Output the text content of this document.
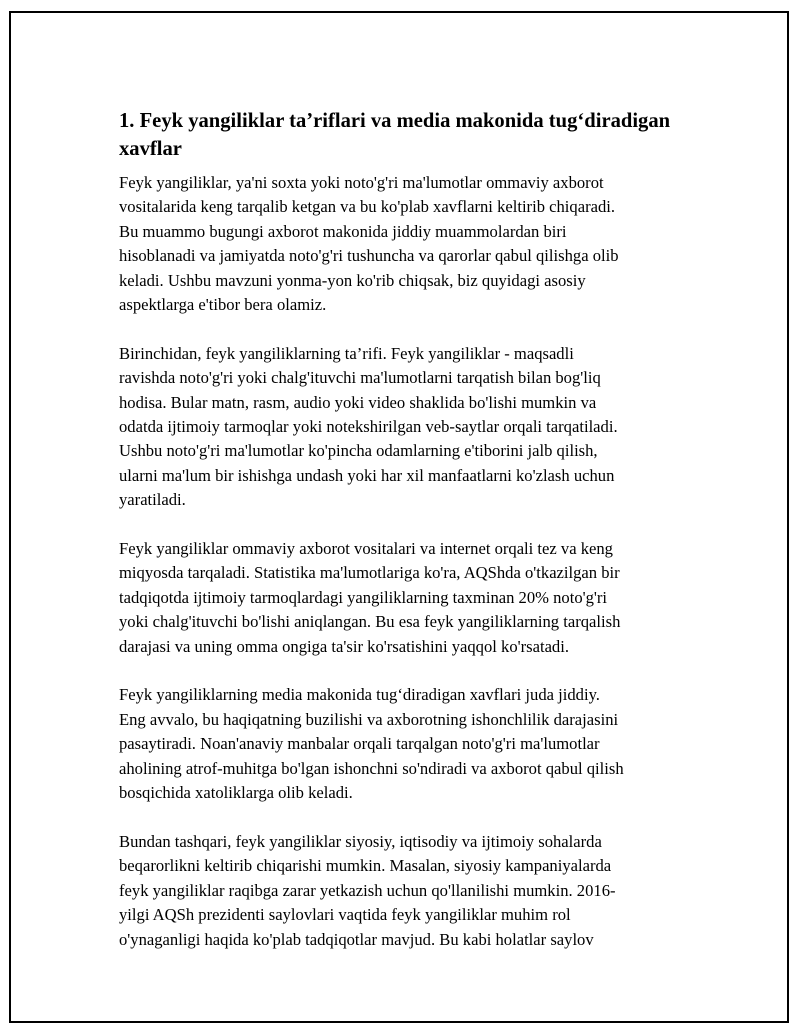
1. Feyk yangiliklar ta’riflari va media makonida tug‘diradigan
xavflar

Feyk yangiliklar, ya'ni soxta yoki noto'g'ri ma'lumotlar ommaviy axborot
vositalarida keng tarqalib ketgan va bu ko'plab xavflarni keltirib chiqaradi.
Bu muammo bugungi axborot makonida jiddiy muammolardan biri
hisoblanadi va jamiyatda noto'g'ri tushuncha va qarorlar qabul qilishga olib
keladi. Ushbu mavzuni yonma-yon ko'rib chiqsak, biz quyidagi asosiy
aspektlarga e'tibor bera olamiz.

Birinchidan, feyk yangiliklarning ta’rifi. Feyk yangiliklar - maqsadli
ravishda noto'g'ri yoki chalg'ituvchi ma'lumotlarni tarqatish bilan bog'liq
hodisa. Bular matn, rasm, audio yoki video shaklida bo'lishi mumkin va
odatda ijtimoiy tarmoqlar yoki notekshirilgan veb-saytlar orqali tarqatiladi.
Ushbu noto'g'ri ma'lumotlar ko'pincha odamlarning e'tiborini jalb qilish,
ularni ma'lum bir ishishga undash yoki har xil manfaatlarni ko'zlash uchun
yaratiladi.

Feyk yangiliklar ommaviy axborot vositalari va internet orqali tez va keng
miqyosda tarqaladi. Statistika ma'lumotlariga ko'ra, AQShda o'tkazilgan bir
tadqiqotda ijtimoiy tarmoqlardagi yangiliklarning taxminan 20% noto'g'ri
yoki chalg'ituvchi bo'lishi aniqlangan. Bu esa feyk yangiliklarning tarqalish
darajasi va uning omma ongiga ta'sir ko'rsatishini yaqqol ko'rsatadi.

Feyk yangiliklarning media makonida tug‘diradigan xavflari juda jiddiy.
Eng avvalo, bu haqiqatning buzilishi va axborotning ishonchlilik darajasini
pasaytiradi. Noan'anaviy manbalar orqali tarqalgan noto'g'ri ma'lumotlar
aholining atrof-muhitga bo'lgan ishonchni so'ndiradi va axborot qabul qilish
bosqichida xatoliklarga olib keladi.

Bundan tashqari, feyk yangiliklar siyosiy, iqtisodiy va ijtimoiy sohalarda
beqarorlikni keltirib chiqarishi mumkin. Masalan, siyosiy kampaniyalarda
feyk yangiliklar raqibga zarar yetkazish uchun qo'llanilishi mumkin. 2016-
yilgi AQSh prezidenti saylovlari vaqtida feyk yangiliklar muhim rol
o'ynaganligi haqida ko'plab tadqiqotlar mavjud. Bu kabi holatlar saylov
